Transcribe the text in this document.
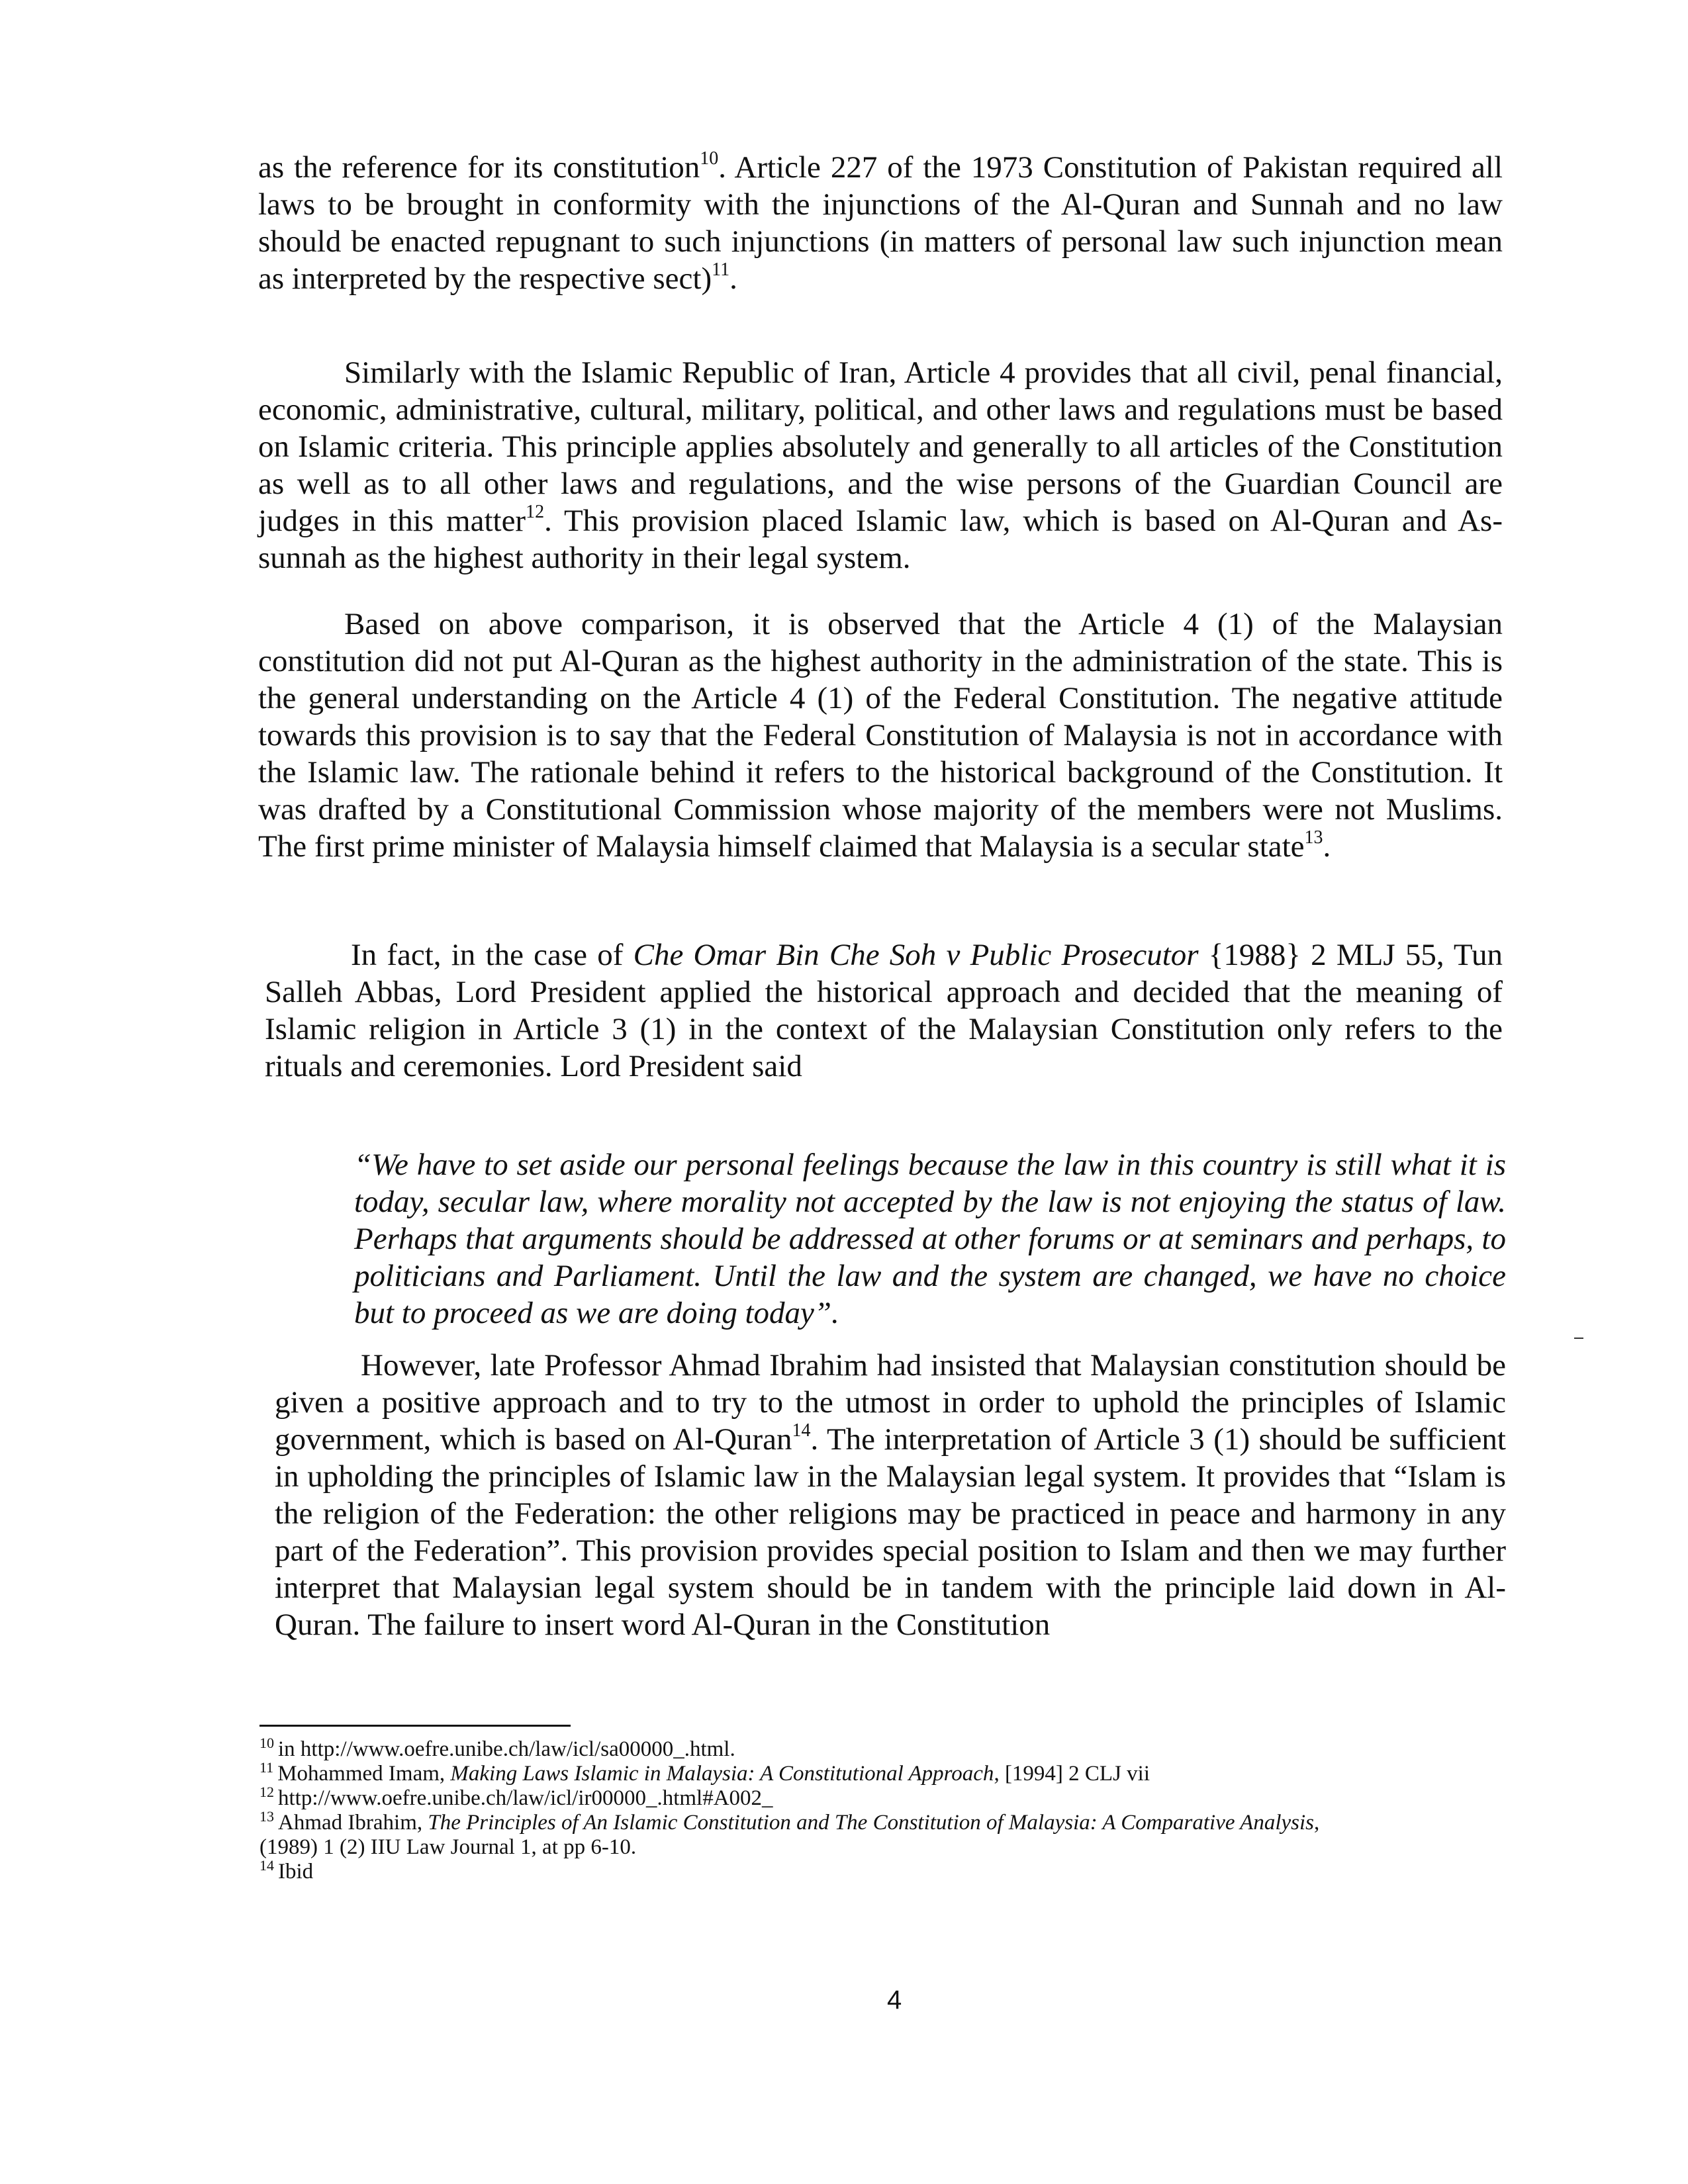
as the reference for its constitution$^{10}$. Article 227 of the 1973 Constitution of Pakistan required all laws to be brought in conformity with the injunctions of the Al-Quran and Sunnah and no law should be enacted repugnant to such injunctions (in matters of personal law such injunction mean as interpreted by the respective sect)$^{11}$.

Similarly with the Islamic Republic of Iran, Article 4 provides that all civil, penal financial, economic, administrative, cultural, military, political, and other laws and regulations must be based on Islamic criteria. This principle applies absolutely and generally to all articles of the Constitution as well as to all other laws and regulations, and the wise persons of the Guardian Council are judges in this matter$^{12}$. This provision placed Islamic law, which is based on Al-Quran and As-sunnah as the highest authority in their legal system.

Based on above comparison, it is observed that the Article 4 (1) of the Malaysian constitution did not put Al-Quran as the highest authority in the administration of the state. This is the general understanding on the Article 4 (1) of the Federal Constitution. The negative attitude towards this provision is to say that the Federal Constitution of Malaysia is not in accordance with the Islamic law. The rationale behind it refers to the historical background of the Constitution. It was drafted by a Constitutional Commission whose majority of the members were not Muslims. The first prime minister of Malaysia himself claimed that Malaysia is a secular state$^{13}$.

In fact, in the case of Che Omar Bin Che Soh v Public Prosecutor {1988} 2 MLJ 55, Tun Salleh Abbas, Lord President applied the historical approach and decided that the meaning of Islamic religion in Article 3 (1) in the context of the Malaysian Constitution only refers to the rituals and ceremonies. Lord President said

“We have to set aside our personal feelings because the law in this country is still what it is today, secular law, where morality not accepted by the law is not enjoying the status of law. Perhaps that arguments should be addressed at other forums or at seminars and perhaps, to politicians and Parliament. Until the law and the system are changed, we have no choice but to proceed as we are doing today”.

However, late Professor Ahmad Ibrahim had insisted that Malaysian constitution should be given a positive approach and to try to the utmost in order to uphold the principles of Islamic government, which is based on Al-Quran$^{14}$. The interpretation of Article 3 (1) should be sufficient in upholding the principles of Islamic law in the Malaysian legal system. It provides that “Islam is the religion of the Federation: the other religions may be practiced in peace and harmony in any part of the Federation”. This provision provides special position to Islam and then we may further interpret that Malaysian legal system should be in tandem with the principle laid down in Al-Quran. The failure to insert word Al-Quran in the Constitution

$^{10}$ in http://www.oefre.unibe.ch/law/icl/sa00000_.html.

$^{11}$ Mohammed Imam, Making Laws Islamic in Malaysia: A Constitutional Approach, [1994] 2 CLJ vii

$^{12}$ http://www.oefre.unibe.ch/law/icl/ir00000_.html#A002_

$^{13}$ Ahmad Ibrahim, The Principles of An Islamic Constitution and The Constitution of Malaysia: A Comparative Analysis,

(1989) 1 (2) IIU Law Journal 1, at pp 6-10.

$^{14}$ Ibid

4
